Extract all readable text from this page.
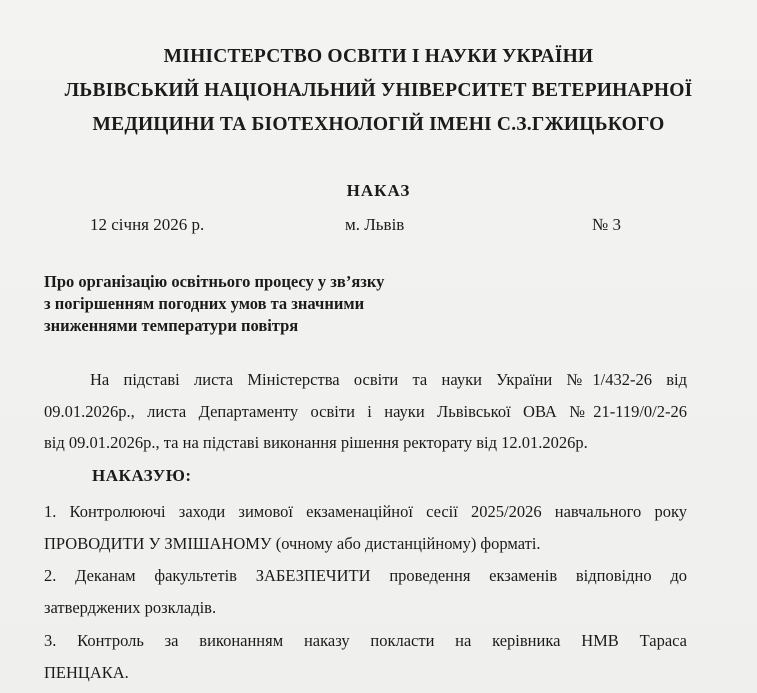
МІНІСТЕРСТВО ОСВІТИ І НАУКИ УКРАЇНИ
ЛЬВІВСЬКИЙ НАЦІОНАЛЬНИЙ УНІВЕРСИТЕТ ВЕТЕРИНАРНОЇ
МЕДИЦИНИ ТА БІОТЕХНОЛОГІЙ ІМЕНІ С.З.ГЖИЦЬКОГО
НАКАЗ
12 січня 2026 р.	м. Львів	№ 3
Про організацію освітнього процесу у зв’язку
з погіршенням погодних умов та значними
зниженнями температури повітря
На підставі листа Міністерства освіти та науки України №1/432-26 від
09.01.2026р., листа Департаменту освіти і науки Львівської ОВА №21-119/0/2-26
від 09.01.2026р., та на підставі виконання рішення ректорату від 12.01.2026р.
НАКАЗУЮ:
1. Контролюючі заходи зимової екзаменаційної сесії 2025/2026 навчального року
ПРОВОДИТИ У ЗМІШАНОМУ (очному або дистанційному) форматі.
2. Деканам факультетів ЗАБЕЗПЕЧИТИ проведення екзаменів відповідно до
затверджених розкладів.
3. Контроль за виконанням наказу покласти на керівника НМВ Тараса
ПЕНЦАКА.
